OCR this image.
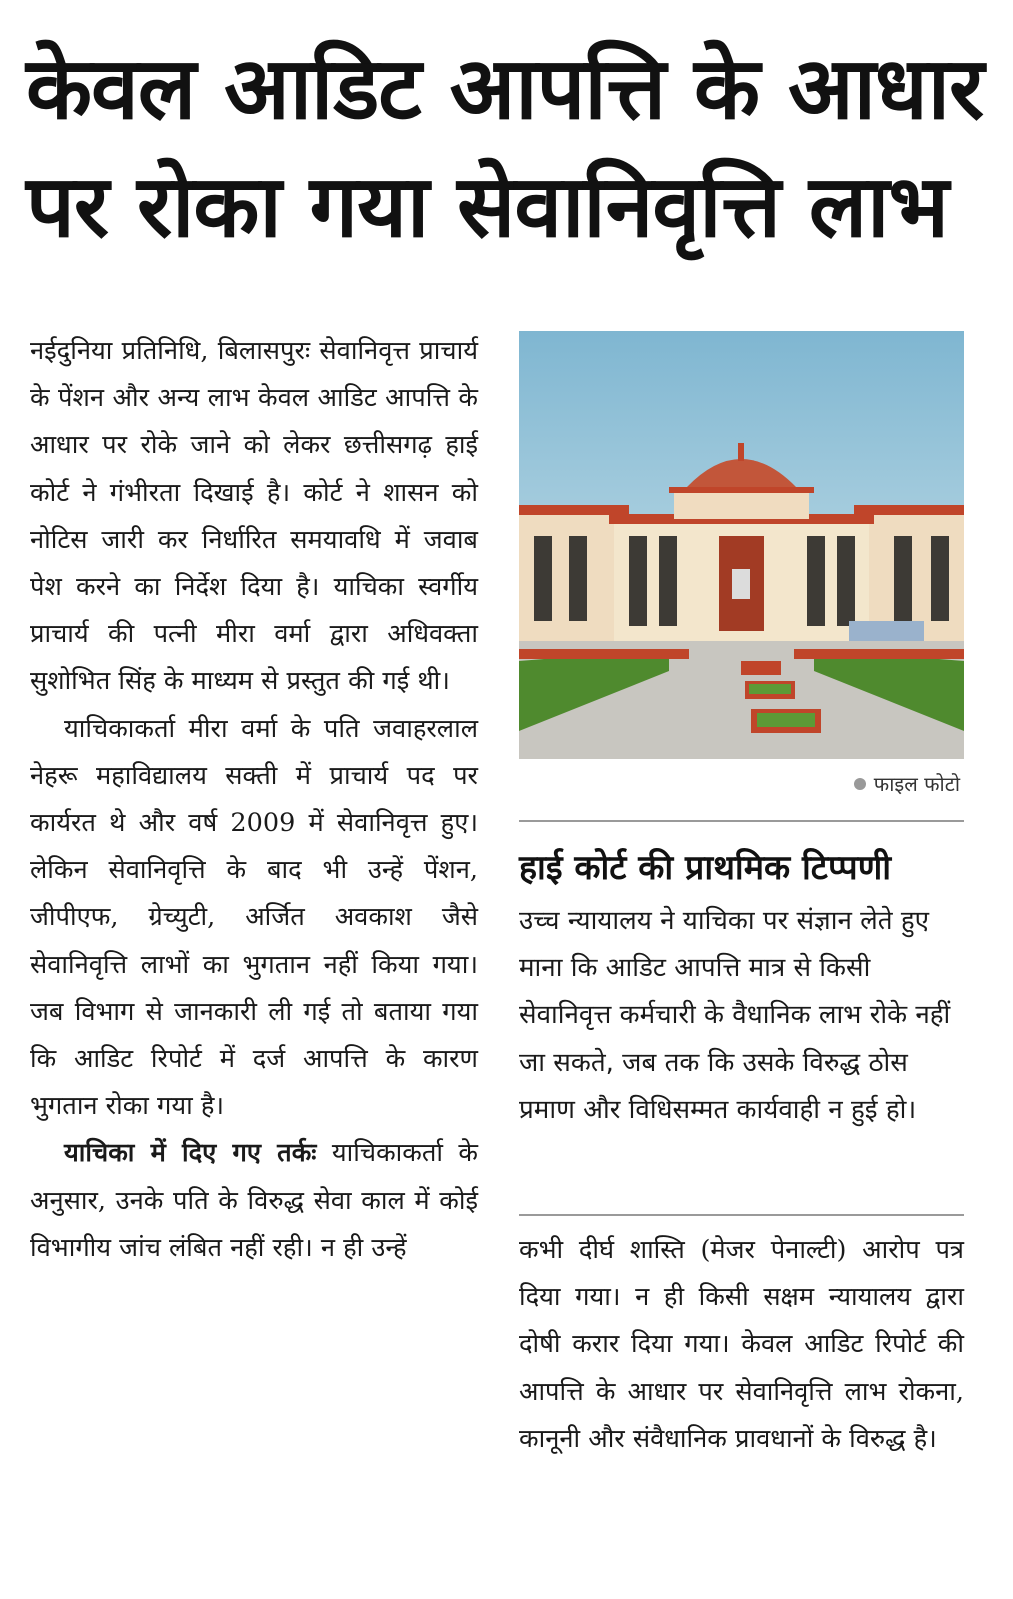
केवल आडिट आपत्ति के आधार पर रोका गया सेवानिवृत्ति लाभ

नईदुनिया प्रतिनिधि, बिलासपुरः सेवानिवृत्त प्राचार्य के पेंशन और अन्य लाभ केवल आडिट आपत्ति के आधार पर रोके जाने को लेकर छत्तीसगढ़ हाई कोर्ट ने गंभीरता दिखाई है। कोर्ट ने शासन को नोटिस जारी कर निर्धारित समयावधि में जवाब पेश करने का निर्देश दिया है। याचिका स्वर्गीय प्राचार्य की पत्नी मीरा वर्मा द्वारा अधिवक्ता सुशोभित सिंह के माध्यम से प्रस्तुत की गई थी।

याचिकाकर्ता मीरा वर्मा के पति जवाहरलाल नेहरू महाविद्यालय सक्ती में प्राचार्य पद पर कार्यरत थे और वर्ष 2009 में सेवानिवृत्त हुए। लेकिन सेवानिवृत्ति के बाद भी उन्हें पेंशन, जीपीएफ, ग्रेच्युटी, अर्जित अवकाश जैसे सेवानिवृत्ति लाभों का भुगतान नहीं किया गया। जब विभाग से जानकारी ली गई तो बताया गया कि आडिट रिपोर्ट में दर्ज आपत्ति के कारण भुगतान रोका गया है।

याचिका में दिए गए तर्कः याचिकाकर्ता के अनुसार, उनके पति के विरुद्ध सेवा काल में कोई विभागीय जांच लंबित नहीं रही। न ही उन्हें

फाइल फोटो
हाई कोर्ट की प्राथमिक टिप्पणी

उच्च न्यायालय ने याचिका पर संज्ञान लेते हुए माना कि आडिट आपत्ति मात्र से किसी सेवानिवृत्त कर्मचारी के वैधानिक लाभ रोके नहीं जा सकते, जब तक कि उसके विरुद्ध ठोस प्रमाण और विधिसम्मत कार्यवाही न हुई हो।

कभी दीर्घ शास्ति (मेजर पेनाल्टी) आरोप पत्र दिया गया। न ही किसी सक्षम न्यायालय द्वारा दोषी करार दिया गया। केवल आडिट रिपोर्ट की आपत्ति के आधार पर सेवानिवृत्ति लाभ रोकना, कानूनी और संवैधानिक प्रावधानों के विरुद्ध है।
